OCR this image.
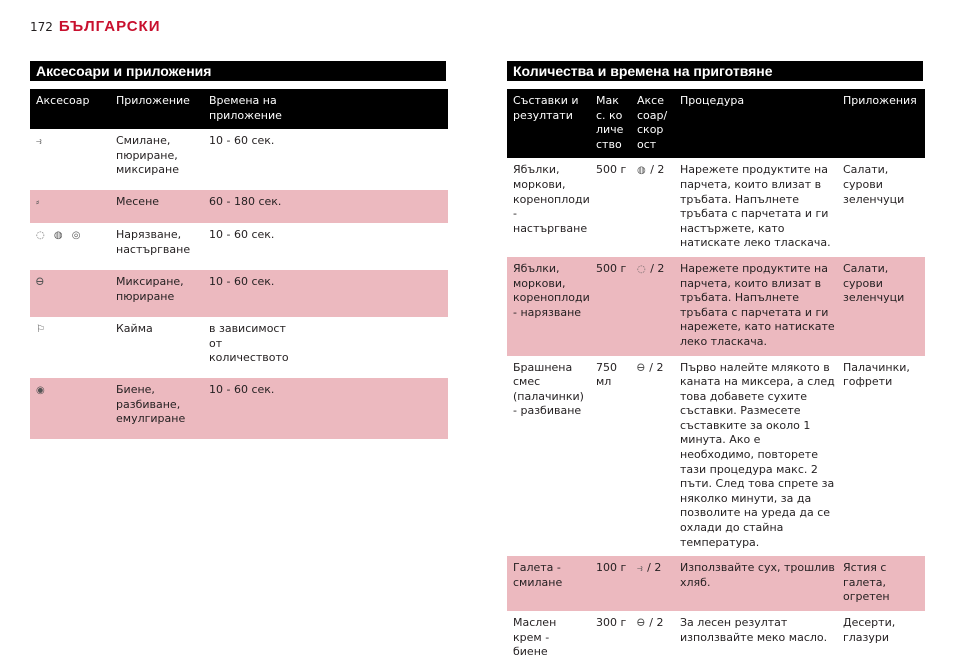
172 БЪЛГАРСКИ
Аксесоари и приложения
Аксесоар	Приложение	Времена на приложение
⥽	Смилане, пюриране, миксиране	10 - 60 сек.
⸗	Месене	60 - 180 сек.
◌ ◍ ◎	Нарязване, настъргване	10 - 60 сек.
Ꮎ	Миксиране, пюриране	10 - 60 сек.
⚐	Кайма	в зависимост от количеството
◉	Биене, разбиване, емулгиране	10 - 60 сек.
Количества и времена на приготвяне
Съставки и резултати	Макс. количество	Аксесоар/скорост	Процедура	Приложения
Ябълки, моркови, кореноплоди - настъргване	500 г	◍ / 2	Нарежете продуктите на парчета, които влизат в тръбата. Напълнете тръбата с парчетата и ги настържете, като натискате леко тласкача.	Салати, сурови зеленчуци
Ябълки, моркови, кореноплоди - нарязване	500 г	◌ / 2	Нарежете продуктите на парчета, които влизат в тръбата. Напълнете тръбата с парчетата и ги нарежете, като натискате леко тласкача.	Салати, сурови зеленчуци
Брашнена смес (палачинки) - разбиване	750 мл	Ꮎ / 2	Първо налейте млякото в каната на миксера, а след това добавете сухите съставки. Размесете съставките за около 1 минута. Ако е необходимо, повторете тази процедура макс. 2 пъти. След това спрете за няколко минути, за да позволите на уреда да се охлади до стайна температура.	Палачинки, гофрети
Галета - смилане	100 г	⥽ / 2	Използвайте сух, трошлив хляб.	Ястия с галета, огретен
Маслен крем - биене	300 г	Ꮎ / 2	За лесен резултат използвайте меко масло.	Десерти, глазури
